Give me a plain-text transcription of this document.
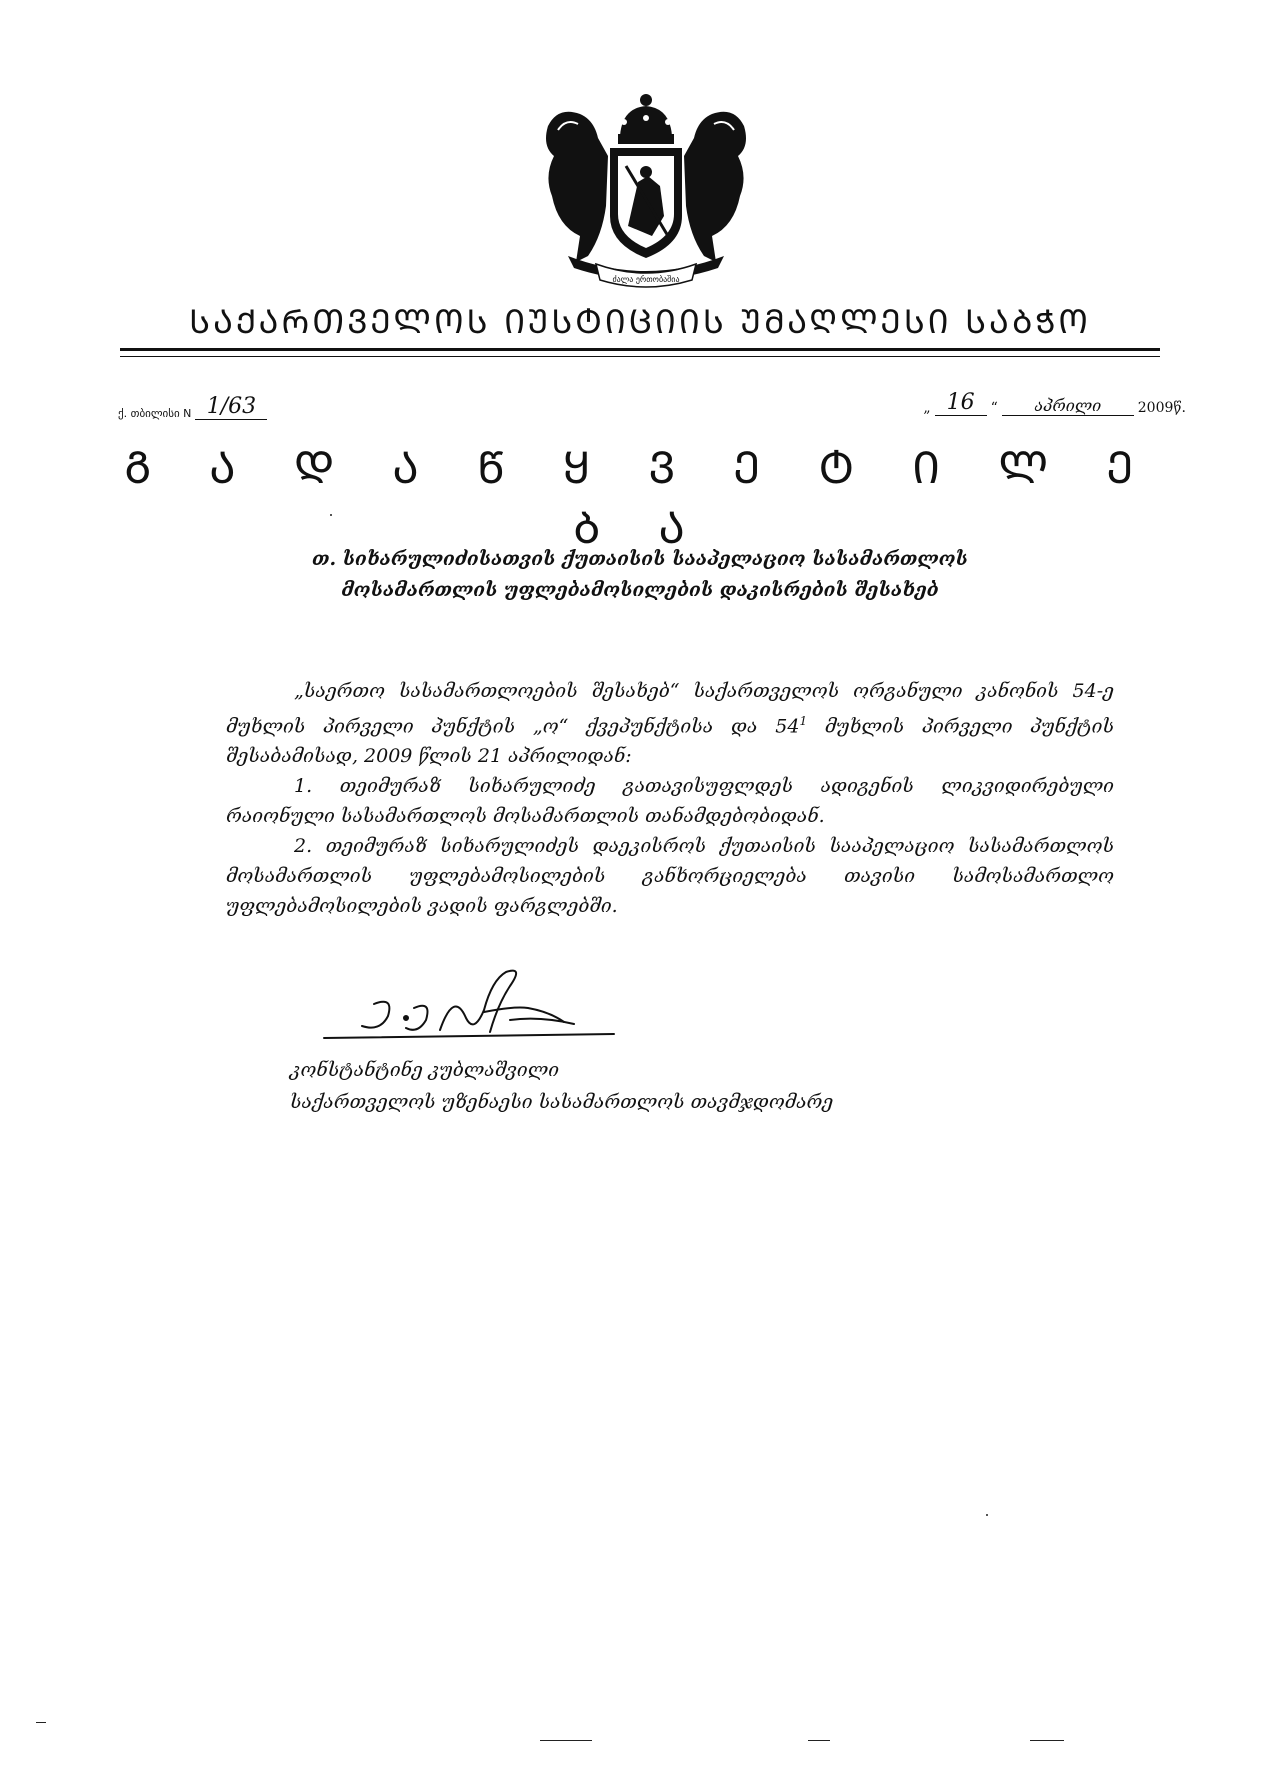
ძალა ერთობაშია
ᲡᲐᲥᲐᲠᲗᲕᲔᲚᲝᲡ ᲘᲣᲡᲢᲘᲪᲘᲘᲡ ᲣᲛᲐᲦᲚᲔᲡᲘ ᲡᲐᲑᲭᲝ
ქ. თბილისი N 1/63	„ 16	“	აპრილი	2009წ.
Გ Ა Დ Ა Წ Ყ Ვ Ე Ტ Ი Ლ Ე Ბ Ა
თ. სიხარულიძისათვის ქუთაისის სააპელაციო სასამართლოს
მოსამართლის უფლებამოსილების დაკისრების შესახებ

„საერთო სასამართლოების შესახებ“ საქართველოს ორგანული კანონის 54-ე მუხლის პირველი პუნქტის „ო“ ქვეპუნქტისა და $54^1$ მუხლის პირველი პუნქტის შესაბამისად, 2009 წლის 21 აპრილიდან:

1. თეიმურაზ სიხარულიძე გათავისუფლდეს ადიგენის ლიკვიდირებული რაიონული სასამართლოს მოსამართლის თანამდებობიდან.

2. თეიმურაზ სიხარულიძეს დაეკისროს ქუთაისის სააპელაციო სასამართლოს მოსამართლის უფლებამოსილების განხორციელება თავისი სამოსამართლო უფლებამოსილების ვადის ფარგლებში.

კონსტანტინე კუბლაშვილი
საქართველოს უზენაესი სასამართლოს თავმჯდომარე
